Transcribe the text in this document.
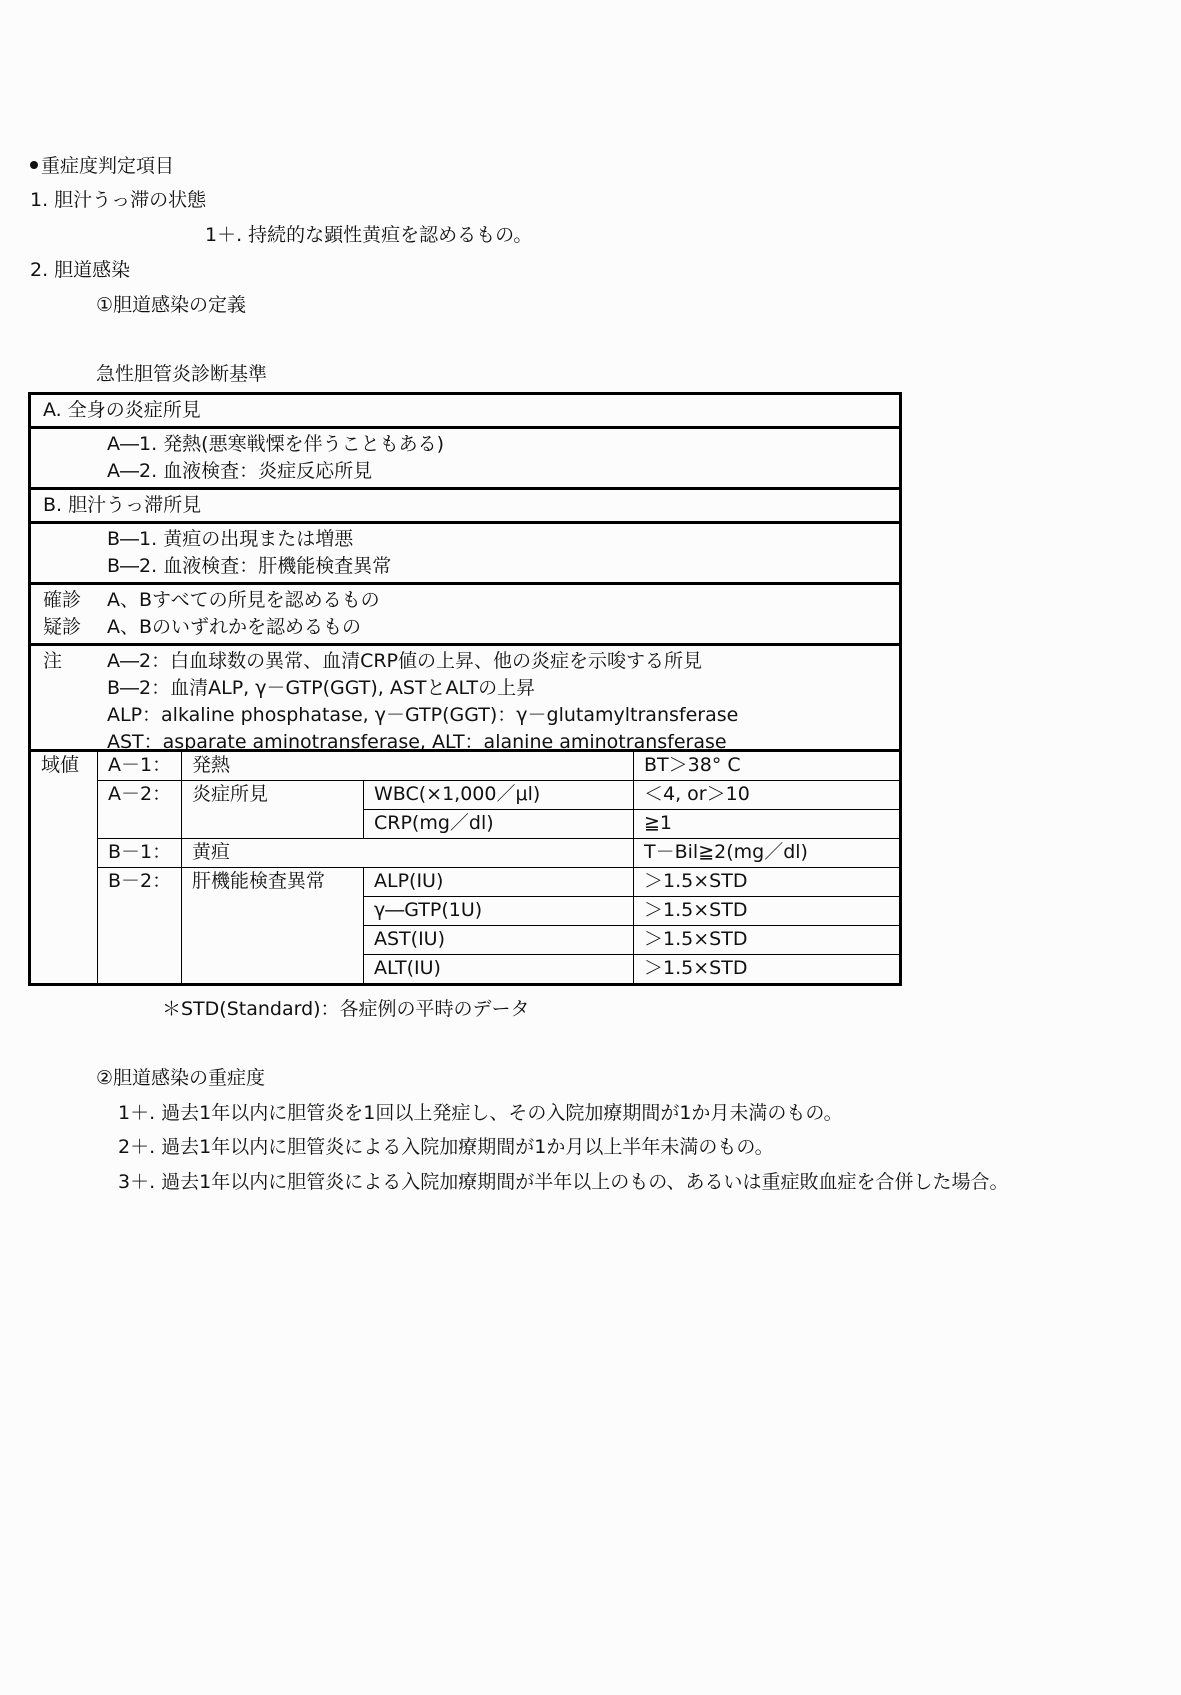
重症度判定項目
1. 胆汁うっ滞の状態
1＋. 持続的な顕性黄疸を認めるもの。
2. 胆道感染
①胆道感染の定義
急性胆管炎診断基準
A. 全身の炎症所見
A―1. 発熱(悪寒戦慄を伴うこともある)
A―2. 血液検査：炎症反応所見
B. 胆汁うっ滞所見
B―1. 黄疸の出現または増悪
B―2. 血液検査：肝機能検査異常
確診	A、Bすべての所見を認めるもの
疑診	A、Bのいずれかを認めるもの
注	A―2：白血球数の異常、血清CRP値の上昇、他の炎症を示唆する所見
B―2：血清ALP, γ－GTP(GGT), ASTとALTの上昇
ALP：alkaline phosphatase, γ－GTP(GGT)：γ－glutamyltransferase
AST：asparate aminotransferase, ALT：alanine aminotransferase
域値	A－1：	発熱		BT＞38° C
	A－2：	炎症所見	WBC(×1,000／μl)	＜4, or＞10
			CRP(mg／dl)	≧1
	B－1：	黄疸		T－Bil≧2(mg／dl)
	B－2：	肝機能検査異常	ALP(IU)	＞1.5×STD
			γ―GTP(1U)	＞1.5×STD
			AST(IU)	＞1.5×STD
			ALT(IU)	＞1.5×STD
＊STD(Standard)：各症例の平時のデータ
②胆道感染の重症度
1＋. 過去1年以内に胆管炎を1回以上発症し、その入院加療期間が1か月未満のもの。
2＋. 過去1年以内に胆管炎による入院加療期間が1か月以上半年未満のもの。
3＋. 過去1年以内に胆管炎による入院加療期間が半年以上のもの、あるいは重症敗血症を合併した場合。
